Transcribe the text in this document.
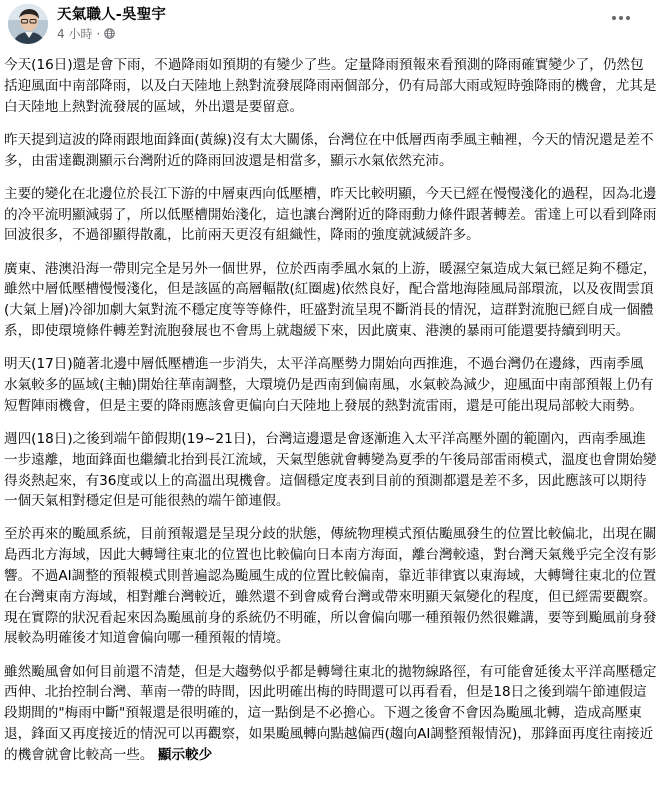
天氣職人-吳聖宇
4 小時 ·
今天(16日)還是會下雨，不過降雨如預期的有變少了些。定量降雨預報來看預測的降雨確實變少了，仍然包括迎風面中南部降雨，以及白天陸地上熱對流發展降雨兩個部分，仍有局部大雨或短時強降雨的機會，尤其是白天陸地上熱對流發展的區域，外出還是要留意。
昨天提到這波的降雨跟地面鋒面(黃線)沒有太大關係，台灣位在中低層西南季風主軸裡，今天的情況還是差不多，由雷達觀測顯示台灣附近的降雨回波還是相當多，顯示水氣依然充沛。
主要的變化在北邊位於長江下游的中層東西向低壓槽，昨天比較明顯，今天已經在慢慢淺化的過程，因為北邊的冷平流明顯減弱了，所以低壓槽開始淺化，這也讓台灣附近的降雨動力條件跟著轉差。雷達上可以看到降雨回波很多，不過卻顯得散亂，比前兩天更沒有組織性，降雨的強度就減緩許多。
廣東、港澳沿海一帶則完全是另外一個世界，位於西南季風水氣的上游，暖濕空氣造成大氣已經足夠不穩定，雖然中層低壓槽慢慢淺化，但是該區的高層輻散(紅圈處)依然良好，配合當地海陸風局部環流，以及夜間雲頂(大氣上層)冷卻加劇大氣對流不穩定度等等條件，旺盛對流呈現不斷消長的情況，這群對流胞已經自成一個體系，即使環境條件轉差對流胞發展也不會馬上就趨緩下來，因此廣東、港澳的暴雨可能還要持續到明天。
明天(17日)隨著北邊中層低壓槽進一步消失，太平洋高壓勢力開始向西推進，不過台灣仍在邊緣，西南季風水氣較多的區域(主軸)開始往華南調整，大環境仍是西南到偏南風，水氣較為減少，迎風面中南部預報上仍有短暫陣雨機會，但是主要的降雨應該會更偏向白天陸地上發展的熱對流雷雨，還是可能出現局部較大雨勢。
週四(18日)之後到端午節假期(19~21日)，台灣這邊還是會逐漸進入太平洋高壓外圍的範圍內，西南季風進一步遠離，地面鋒面也繼續北抬到長江流域，天氣型態就會轉變為夏季的午後局部雷雨模式，溫度也會開始變得炎熱起來，有36度或以上的高溫出現機會。這個穩定度表到目前的預測都還是差不多，因此應該可以期待一個天氣相對穩定但是可能很熱的端午節連假。
至於再來的颱風系統，目前預報還是呈現分歧的狀態，傳統物理模式預估颱風發生的位置比較偏北，出現在關島西北方海域，因此大轉彎往東北的位置也比較偏向日本南方海面，離台灣較遠，對台灣天氣幾乎完全沒有影響。不過AI調整的預報模式則普遍認為颱風生成的位置比較偏南，靠近菲律賓以東海域，大轉彎往東北的位置在台灣東南方海域，相對離台灣較近，雖然還不到會威脅台灣或帶來明顯天氣變化的程度，但已經需要觀察。現在實際的狀況看起來因為颱風前身的系統仍不明確，所以會偏向哪一種預報仍然很難講，要等到颱風前身發展較為明確後才知道會偏向哪一種預報的情境。
雖然颱風會如何目前還不清楚，但是大趨勢似乎都是轉彎往東北的拋物線路徑，有可能會延後太平洋高壓穩定西伸、北抬控制台灣、華南一帶的時間，因此明確出梅的時間還可以再看看，但是18日之後到端午節連假這段期間的"梅雨中斷"預報還是很明確的，這一點倒是不必擔心。下週之後會不會因為颱風北轉，造成高壓東退，鋒面又再度接近的情況可以再觀察，如果颱風轉向點越偏西(趨向AI調整預報情況)，那鋒面再度往南接近的機會就會比較高一些。 顯示較少
